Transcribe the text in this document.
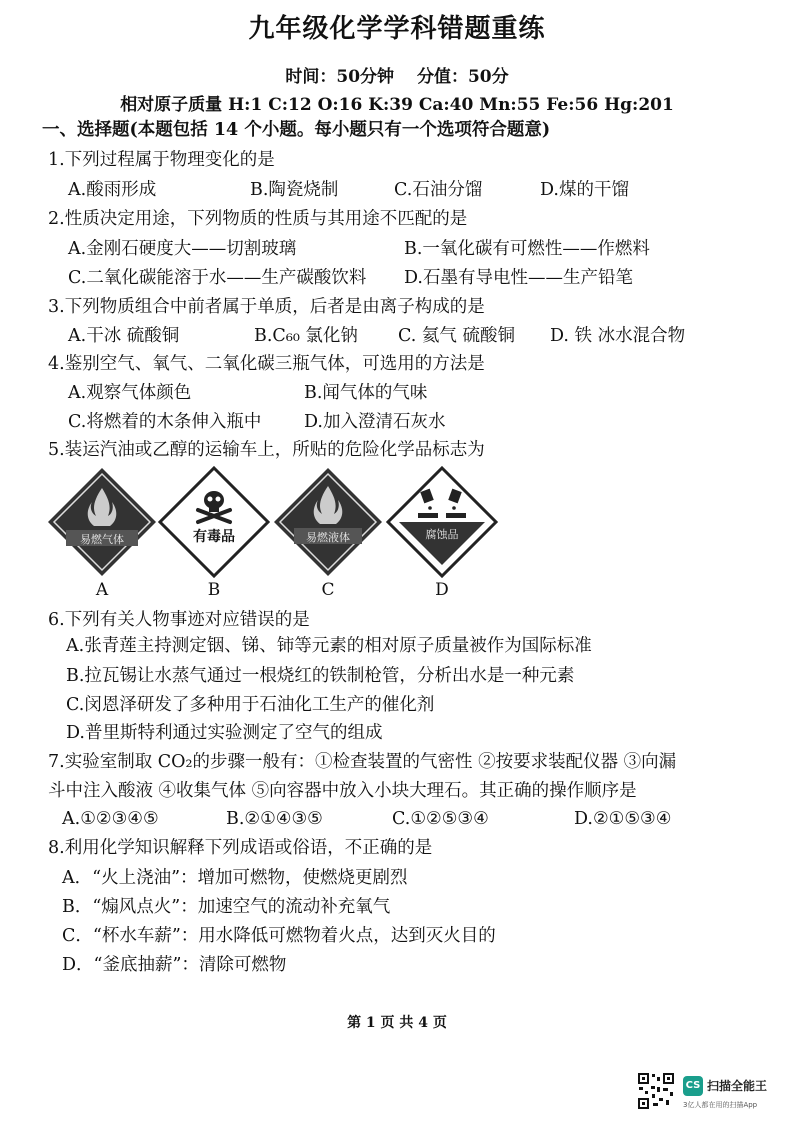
九年级化学学科错题重练
时间：50分钟　 分值：50分
相对原子质量 H:1 C:12 O:16 K:39 Ca:40 Mn:55 Fe:56 Hg:201
一、选择题(本题包括 14 个小题。每小题只有一个选项符合题意)
1.下列过程属于物理变化的是
A.酸雨形成	B.陶瓷烧制	C.石油分馏	D.煤的干馏
2.性质决定用途，下列物质的性质与其用途不匹配的是
A.金刚石硬度大——切割玻璃	B.一氧化碳有可燃性——作燃料
C.二氧化碳能溶于水——生产碳酸饮料 D.石墨有导电性——生产铅笔
3.下列物质组合中前者属于单质，后者是由离子构成的是
A.干冰 硫酸铜	B.C₆₀ 氯化钠 C. 氦气 硫酸铜 D. 铁 冰水混合物
4.鉴别空气、氧气、二氧化碳三瓶气体，可选用的方法是
A.观察气体颜色	B.闻气体的气味
C.将燃着的木条伸入瓶中 D.加入澄清石灰水
5.装运汽油或乙醇的运输车上，所贴的危险化学品标志为
易燃气体	有毒品	易燃液体	腐蚀品
A	B	C	D
6.下列有关人物事迹对应错误的是
A.张青莲主持测定铟、锑、铈等元素的相对原子质量被作为国际标准
B.拉瓦锡让水蒸气通过一根烧红的铁制枪管，分析出水是一种元素
C.闵恩泽研发了多种用于石油化工生产的催化剂
D.普里斯特利通过实验测定了空气的组成
7.实验室制取 CO₂的步骤一般有：①检查装置的气密性 ②按要求装配仪器 ③向漏
斗中注入酸液 ④收集气体 ⑤向容器中放入小块大理石。其正确的操作顺序是
A.①②③④⑤	B.②①④③⑤	C.①②⑤③④	D.②①⑤③④
8.利用化学知识解释下列成语或俗语，不正确的是
A．“火上浇油”：增加可燃物，使燃烧更剧烈
B．“煽风点火”：加速空气的流动补充氧气
C．“杯水车薪”：用水降低可燃物着火点，达到灭火目的
D．“釜底抽薪”：清除可燃物
第 1 页 共 4 页
CS 扫描全能王
3亿人都在用的扫描App
